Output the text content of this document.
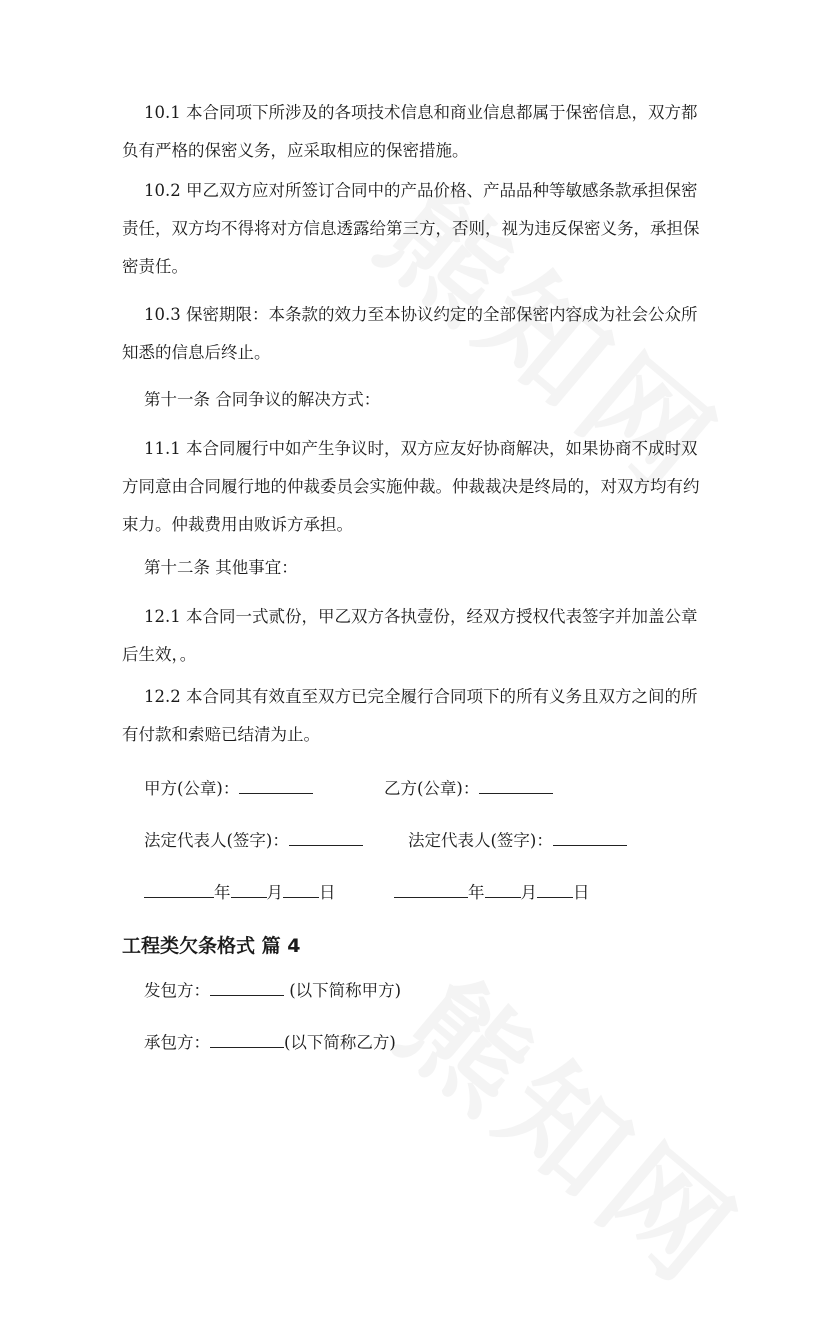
10.1 本合同项下所涉及的各项技术信息和商业信息都属于保密信息，双方都负有严格的保密义务，应采取相应的保密措施。

10.2 甲乙双方应对所签订合同中的产品价格、产品品种等敏感条款承担保密责任，双方均不得将对方信息透露给第三方，否则，视为违反保密义务，承担保密责任。

10.3 保密期限：本条款的效力至本协议约定的全部保密内容成为社会公众所知悉的信息后终止。

第十一条 合同争议的解决方式：

11.1 本合同履行中如产生争议时，双方应友好协商解决，如果协商不成时双方同意由合同履行地的仲裁委员会实施仲裁。仲裁裁决是终局的，对双方均有约束力。仲裁费用由败诉方承担。

第十二条 其他事宜：

12.1 本合同一式贰份，甲乙双方各执壹份，经双方授权代表签字并加盖公章后生效，。

12.2 本合同其有效直至双方已完全履行合同项下的所有义务且双方之间的所有付款和索赔已结清为止。

甲方(公章)：	乙方(公章)：
法定代表人(签字)：	法定代表人(签字)：
年 月 日	年 月 日
工程类欠条格式 篇 4
发包方：	(以下简称甲方)
承包方：	(以下简称乙方)
